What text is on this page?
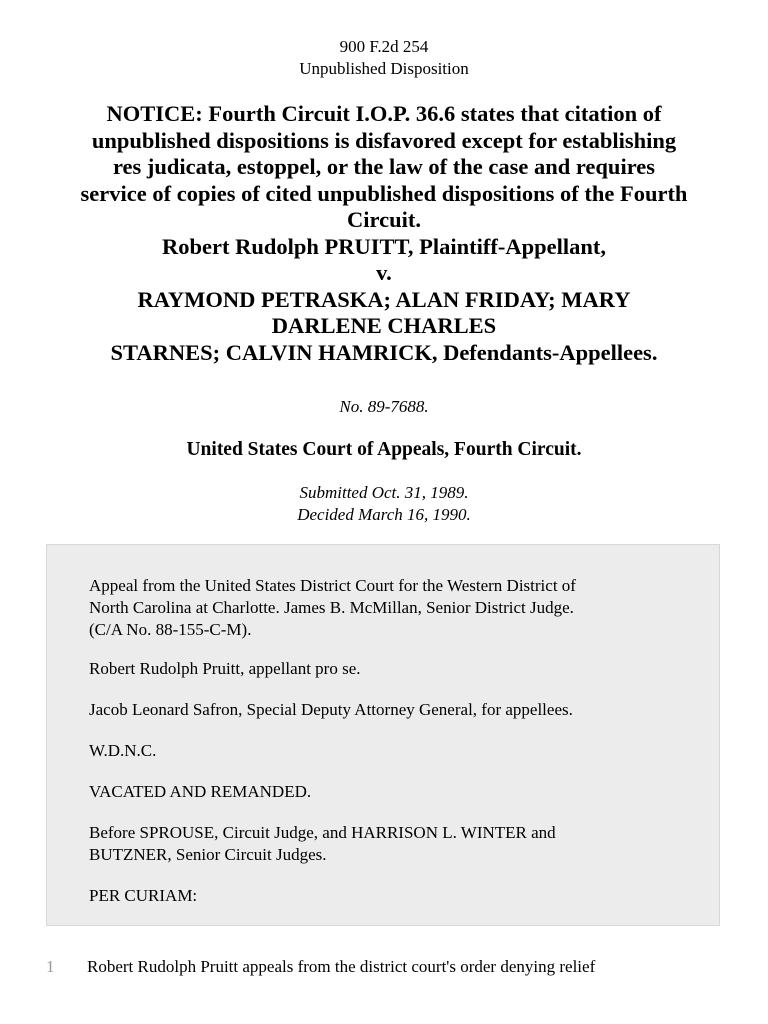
900 F.2d 254
Unpublished Disposition
NOTICE: Fourth Circuit I.O.P. 36.6 states that citation of
unpublished dispositions is disfavored except for establishing
res judicata, estoppel, or the law of the case and requires
service of copies of cited unpublished dispositions of the Fourth
Circuit.
Robert Rudolph PRUITT, Plaintiff-Appellant,
v.
RAYMOND PETRASKA; ALAN FRIDAY; MARY
DARLENE CHARLES
STARNES; CALVIN HAMRICK, Defendants-Appellees.
No. 89-7688.
United States Court of Appeals, Fourth Circuit.
Submitted Oct. 31, 1989.
Decided March 16, 1990.

Appeal from the United States District Court for the Western District of
North Carolina at Charlotte. James B. McMillan, Senior District Judge.
(C/A No. 88-155-C-M).

Robert Rudolph Pruitt, appellant pro se.

Jacob Leonard Safron, Special Deputy Attorney General, for appellees.

W.D.N.C.

VACATED AND REMANDED.

Before SPROUSE, Circuit Judge, and HARRISON L. WINTER and
BUTZNER, Senior Circuit Judges.

PER CURIAM:

1 Robert Rudolph Pruitt appeals from the district court's order denying relief
